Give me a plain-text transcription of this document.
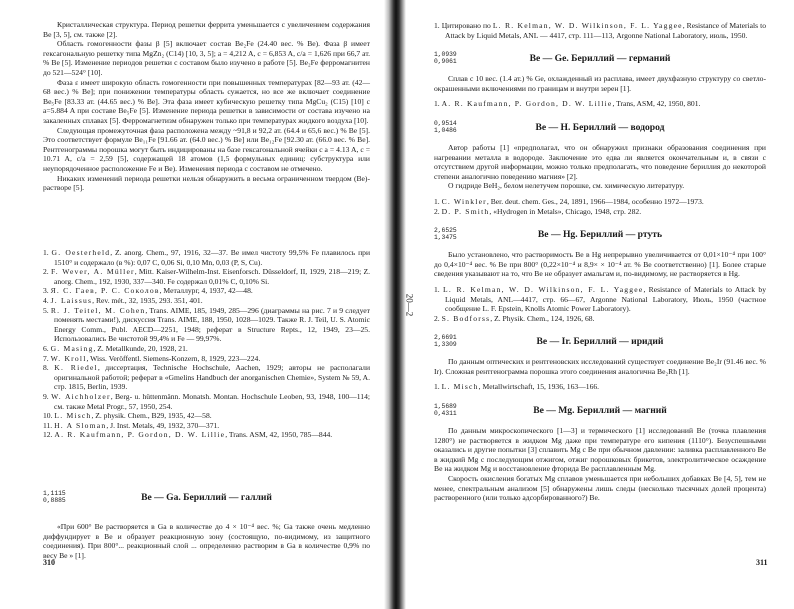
20—2

Кристаллическая структура. Период решетки феррита уменьшается с увеличением содержания Be [3, 5], см. также [2].

Область гомогенности фазы β [5] включает состав Be₂Fe (24.40 вес. % Be). Фаза β имеет гексагональную решетку типа MgZn₂ (C14) [10, 3, 5]; a = 4,212 A, c = 6,853 A, c/a = 1,626 при 66,7 ат. % Be [5]. Изменение периодов решетки с составом было изучено в работе [5]. Be₂Fe ферромагнитен до 521—524° [10].

Фаза ε имеет широкую область гомогенности при повышенных температурах [82—93 ат. (42—68 вес.) % Be]; при понижении температуры область сужается, но все же включает соединение Be₅Fe [83.33 ат. (44.65 вес.) % Be]. Эта фаза имеет кубическую решетку типа MgCu₂ (C15) [10] с a=5.884 A при составе Be₅Fe [5]. Изменение периода решетки в зависимости от состава изучено на закаленных сплавах [5]. Ферромагнетизм обнаружен только при температурах жидкого воздуха [10].

Следующая промежуточная фаза расположена между ~91,8 и 92,2 ат. (64.4 и 65,6 вес.) % Be [5]. Это соответствует формуле Be₁₁Fe [91.66 ат. (64.0 вес.) % Be] или Be₁₂Fe [92.30 ат. (66.0 вес. % Be]. Рентгенограммы порошка могут быть индицированы на базе гексагональной ячейки с a = 4.13 A, c = 10.71 A, c/a = 2,59 [5], содержащей 18 атомов (1,5 формульных единиц: субструктура или неупорядоченное расположение Fe и Be). Изменения периода с составом не отмечено.

Никаких изменений периода решетки нельзя обнаружить в весьма ограниченном твердом (Be)-растворе [5].

1. G. Oesterheld, Z. anorg. Chem., 97, 1916, 32—37. Be имел чистоту 99,5% Fe плавилось при 1510° и содержало (в %): 0,07 C, 0,06 Si, 0,10 Mn, 0,03 (P, S, Cu).
2. F. Wever, A. Müller, Mitt. Kaiser-Wilhelm-Inst. Eisenforsch. Düsseldorf, II, 1929, 218—219; Z. anorg. Chem., 192, 1930, 337—340. Fe содержал 0,01% C, 0,10% Si.
3. Я. С. Гаев, Р. С. Соколов, Металлург, 4, 1937, 42—48.
4. J. Laissus, Rev. mét., 32, 1935, 293. 351, 401.
5. R. J. Teitel, M. Cohen, Trans. AIME, 185, 1949, 285—296 (диаграммы на рис. 7 и 9 следует поменять местами!), дискуссия Trans. AIME, 188, 1950, 1028—1029. Также R. J. Teil, U. S. Atomic Energy Comm., Publ. AECD—2251, 1948; реферат в Structure Repts., 12, 1949, 23—25. Использовались Be чистотой 99,4% и Fe — 99,97%.
6. G. Masing, Z. Metallkunde, 20, 1928, 21.
7. W. Kroll, Wiss. Veröffentl. Siemens-Konzern, 8, 1929, 223—224.
8. K. Riedel, диссертация, Technische Hochschule, Aachen, 1929; авторы не располагали оригинальной работой; реферат в «Gmelins Handbuch der anorganischen Chemie», System № 59, A. стр. 1815, Berlin, 1939.
9. W. Aichholzer, Berg- u. hüttenmänn. Monatsh. Montan. Hochschule Leoben, 93, 1948, 100—114; см. также Metal Progr., 57, 1950, 254.
10. L. Misch, Z. physik. Chem., B29, 1935, 42—58.
11. H. A Sloman, J. Inst. Metals, 49, 1932, 370—371.
12. A. R. Kaufmann, P. Gordon, D. W. Lillie, Trans. ASM, 42, 1950, 785—844.
1,1115
0,8885	Be — Ga. Бериллий — галлий

«При 600° Be растворяется в Ga в количестве до 4 × 10⁻⁴ вес. %; Ga также очень медленно диффундирует в Be и образует реакционную зону (состоящую, по-видимому, из защитного соединения). При 800°... реакционный слой ... определенно растворим в Ga в количестве 0,9% по весу Be » [1].

310
1. Цитировано по L. R. Kelman, W. D. Wilkinson, F. L. Yaggee, Resistance of Materials to Attack by Liquid Metals, ANL — 4417, стр. 111—113, Argonne National Laboratory, июль, 1950.
1,0939
0,9061	Be — Ge. Бериллий — германий

Сплав с 10 вес. (1.4 ат.) % Ge, охлажденный из расплава, имеет двухфазную структуру со светло-окрашенными включениями по границам и внутри зерен [1].

1. A. R. Kaufmann, P. Gordon, D. W. Lillie, Trans, ASM, 42, 1950, 801.
0,9514
1,0486	Be — H. Бериллий — водород

Автор работы [1] «предполагал, что он обнаружил признаки образования соединения при нагревании металла в водороде. Заключение это едва ли является окончательным и, в связи с отсутствием другой информации, можно только предполагать, что поведение бериллия до некоторой степени аналогично поведению магния» [2].

О гидриде BeH₂, белом нелетучем порошке, см. химическую литературу.

1. C. Winkler, Ber. deut. chem. Ges., 24, 1891, 1966—1984, особенно 1972—1973.
2. D. P. Smith, «Hydrogen in Metals», Chicago, 1948, стр. 282.
2,6525
1,3475	Be — Hg. Бериллий — ртуть

Было установлено, что растворимость Be в Hg непрерывно увеличивается от 0,01×10⁻⁴ при 100° до 0,4×10⁻⁴ вес. % Be при 800° (0,22×10⁻⁴ и 8,9× × 10⁻⁴ ат. % Be соответственно) [1]. Более старые сведения указывают на то, что Be не образует амальгам и, по-видимому, не растворяется в Hg.

1. L. R. Kelman, W. D. Wilkinson, F. L. Yaggee, Resistance of Materials to Attack by Liquid Metals, ANL—4417, стр. 66—67, Argonne National Laboratory, Июль, 1950 (частное сообщение L. F. Epstein, Knolls Atomic Power Laboratory).
2. S. Bodforss, Z. Physik. Chem., 124, 1926, 68.
2,6691
1,3309	Be — Ir. Бериллий — иридий

По данным оптических и рентгеновских исследований существует соединение Be₂Ir (91.46 вес. % Ir). Сложная рентгенограмма порошка этого соединения аналогична Be₂Rh [1].

1. L. Misch, Metallwirtschaft, 15, 1936, 163—166.
1,5689
0,4311	Be — Mg. Бериллий — магний

По данным микроскопического [1—3] и термического [1] исследований Be (точка плавления 1280°) не растворяется в жидком Mg даже при температуре его кипения (1110°). Безуспешными оказались и другие попытки [3] сплавить Mg с Be при обычном давлении: заливка расплавленного Be в жидкий Mg с последующим отжигом, отжиг порошковых брикетов, электролитическое осаждение Be на жидком Mg и восстановление фторида Be расплавленным Mg.

Скорость окисления богатых Mg сплавов уменьшается при небольших добавках Be [4, 5], тем не менее, спектральным анализом [5] обнаружены лишь следы (несколько тысячных долей процента) растворенного (или только адсорбированного?) Be.

311
